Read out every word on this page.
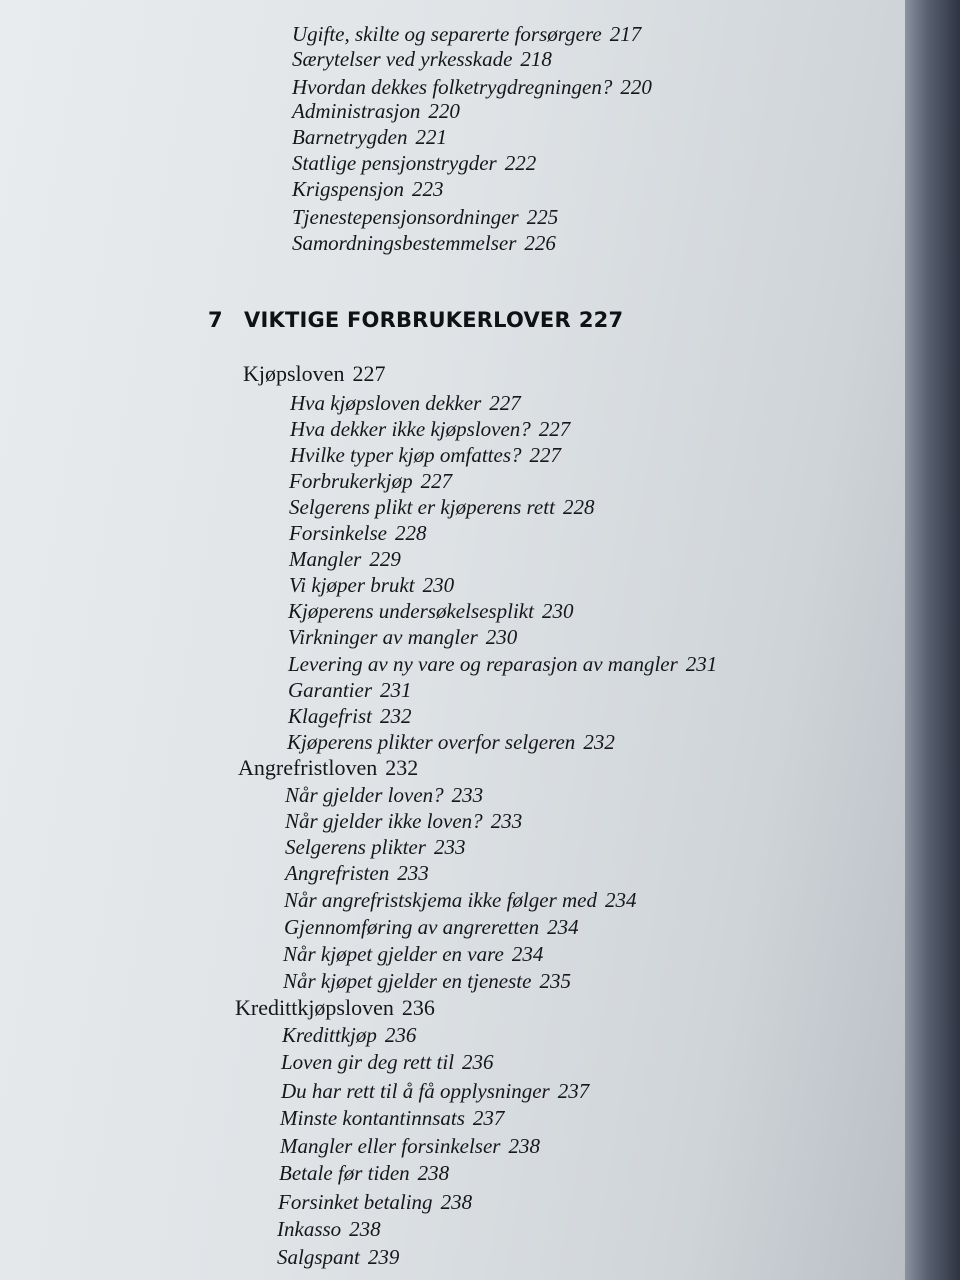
Ugifte, skilte og separerte forsørgere 217
Særytelser ved yrkesskade 218
Hvordan dekkes folketrygdregningen? 220
Administrasjon 220
Barnetrygden 221
Statlige pensjonstrygder 222
Krigspensjon 223
Tjenestepensjonsordninger 225
Samordningsbestemmelser 226
7 VIKTIGE FORBRUKERLOVER 227
Kjøpsloven 227
Hva kjøpsloven dekker 227
Hva dekker ikke kjøpsloven? 227
Hvilke typer kjøp omfattes? 227
Forbrukerkjøp 227
Selgerens plikt er kjøperens rett 228
Forsinkelse 228
Mangler 229
Vi kjøper brukt 230
Kjøperens undersøkelsesplikt 230
Virkninger av mangler 230
Levering av ny vare og reparasjon av mangler 231
Garantier 231
Klagefrist 232
Kjøperens plikter overfor selgeren 232
Angrefristloven 232
Når gjelder loven? 233
Når gjelder ikke loven? 233
Selgerens plikter 233
Angrefristen 233
Når angrefristskjema ikke følger med 234
Gjennomføring av angreretten 234
Når kjøpet gjelder en vare 234
Når kjøpet gjelder en tjeneste 235
Kredittkjøpsloven 236
Kredittkjøp 236
Loven gir deg rett til 236
Du har rett til å få opplysninger 237
Minste kontantinnsats 237
Mangler eller forsinkelser 238
Betale før tiden 238
Forsinket betaling 238
Inkasso 238
Salgspant 239
